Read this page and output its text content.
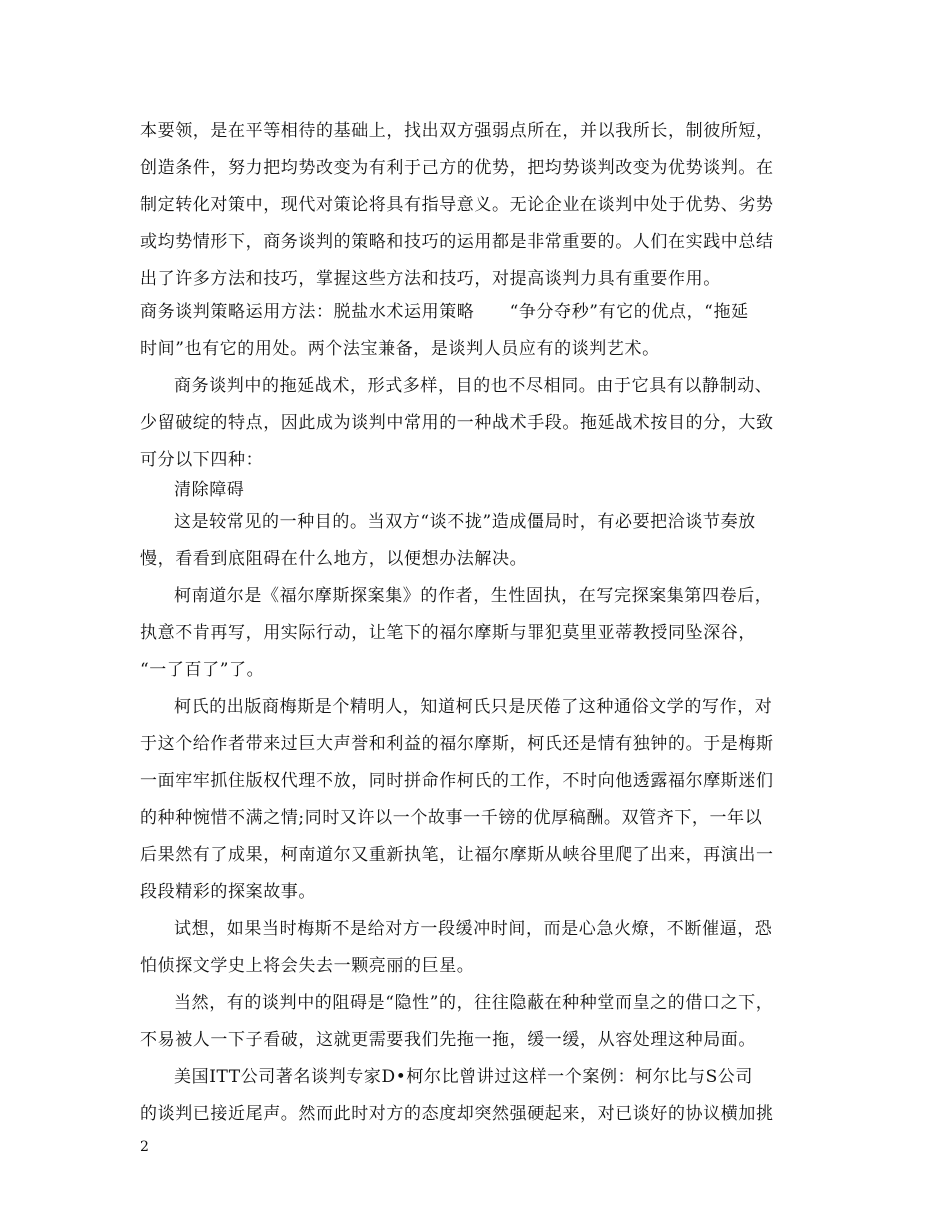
本要领，是在平等相待的基础上，找出双方强弱点所在，并以我所长，制彼所短，
创造条件，努力把均势改变为有利于己方的优势，把均势谈判改变为优势谈判。在
制定转化对策中，现代对策论将具有指导意义。无论企业在谈判中处于优势、劣势
或均势情形下，商务谈判的策略和技巧的运用都是非常重要的。人们在实践中总结
出了许多方法和技巧，掌握这些方法和技巧，对提高谈判力具有重要作用。
商务谈判策略运用方法：脱盐水术运用策略　　“争分夺秒”有它的优点，“拖延
时间”也有它的用处。两个法宝兼备，是谈判人员应有的谈判艺术。
商务谈判中的拖延战术，形式多样，目的也不尽相同。由于它具有以静制动、
少留破绽的特点，因此成为谈判中常用的一种战术手段。拖延战术按目的分，大致
可分以下四种：
清除障碍
这是较常见的一种目的。当双方“谈不拢”造成僵局时，有必要把洽谈节奏放
慢，看看到底阻碍在什么地方，以便想办法解决。
柯南道尔是《福尔摩斯探案集》的作者，生性固执，在写完探案集第四卷后，
执意不肯再写，用实际行动，让笔下的福尔摩斯与罪犯莫里亚蒂教授同坠深谷，
“一了百了”了。
柯氏的出版商梅斯是个精明人，知道柯氏只是厌倦了这种通俗文学的写作，对
于这个给作者带来过巨大声誉和利益的福尔摩斯，柯氏还是情有独钟的。于是梅斯
一面牢牢抓住版权代理不放，同时拼命作柯氏的工作，不时向他透露福尔摩斯迷们
的种种惋惜不满之情;同时又许以一个故事一千镑的优厚稿酬。双管齐下，一年以
后果然有了成果，柯南道尔又重新执笔，让福尔摩斯从峡谷里爬了出来，再演出一
段段精彩的探案故事。
试想，如果当时梅斯不是给对方一段缓冲时间，而是心急火燎，不断催逼，恐
怕侦探文学史上将会失去一颗亮丽的巨星。
当然，有的谈判中的阻碍是“隐性”的，往往隐蔽在种种堂而皇之的借口之下，
不易被人一下子看破，这就更需要我们先拖一拖，缓一缓，从容处理这种局面。
美国ITT公司著名谈判专家D•柯尔比曾讲过这样一个案例：柯尔比与S公司
的谈判已接近尾声。然而此时对方的态度却突然强硬起来，对已谈好的协议横加挑
2
